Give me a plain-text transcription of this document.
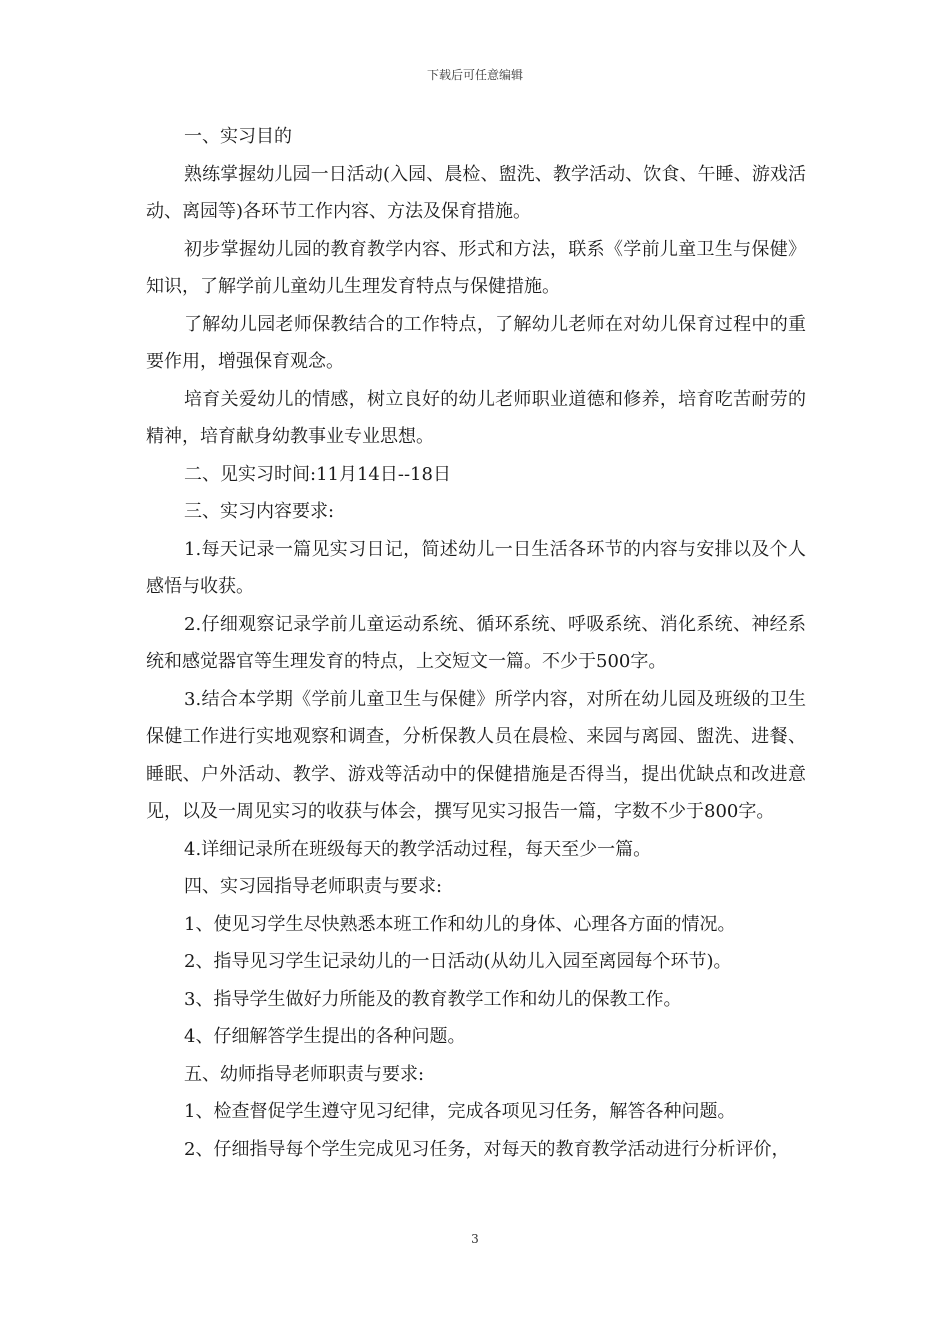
下载后可任意编辑

一、实习目的

熟练掌握幼儿园一日活动(入园、晨检、盥洗、教学活动、饮食、午睡、游戏活动、离园等)各环节工作内容、方法及保育措施。

初步掌握幼儿园的教育教学内容、形式和方法，联系《学前儿童卫生与保健》知识，了解学前儿童幼儿生理发育特点与保健措施。

了解幼儿园老师保教结合的工作特点，了解幼儿老师在对幼儿保育过程中的重要作用，增强保育观念。

培育关爱幼儿的情感，树立良好的幼儿老师职业道德和修养，培育吃苦耐劳的精神，培育献身幼教事业专业思想。

二、见实习时间:11月14日--18日

三、实习内容要求:

1.每天记录一篇见实习日记，简述幼儿一日生活各环节的内容与安排以及个人感悟与收获。

2.仔细观察记录学前儿童运动系统、循环系统、呼吸系统、消化系统、神经系统和感觉器官等生理发育的特点，上交短文一篇。不少于500字。

3.结合本学期《学前儿童卫生与保健》所学内容，对所在幼儿园及班级的卫生保健工作进行实地观察和调查，分析保教人员在晨检、来园与离园、盥洗、进餐、睡眠、户外活动、教学、游戏等活动中的保健措施是否得当，提出优缺点和改进意见，以及一周见实习的收获与体会，撰写见实习报告一篇，字数不少于800字。

4.详细记录所在班级每天的教学活动过程，每天至少一篇。

四、实习园指导老师职责与要求:

1、使见习学生尽快熟悉本班工作和幼儿的身体、心理各方面的情况。

2、指导见习学生记录幼儿的一日活动(从幼儿入园至离园每个环节)。

3、指导学生做好力所能及的教育教学工作和幼儿的保教工作。

4、仔细解答学生提出的各种问题。

五、幼师指导老师职责与要求:

1、检查督促学生遵守见习纪律，完成各项见习任务，解答各种问题。

2、仔细指导每个学生完成见习任务，对每天的教育教学活动进行分析评价，

3
